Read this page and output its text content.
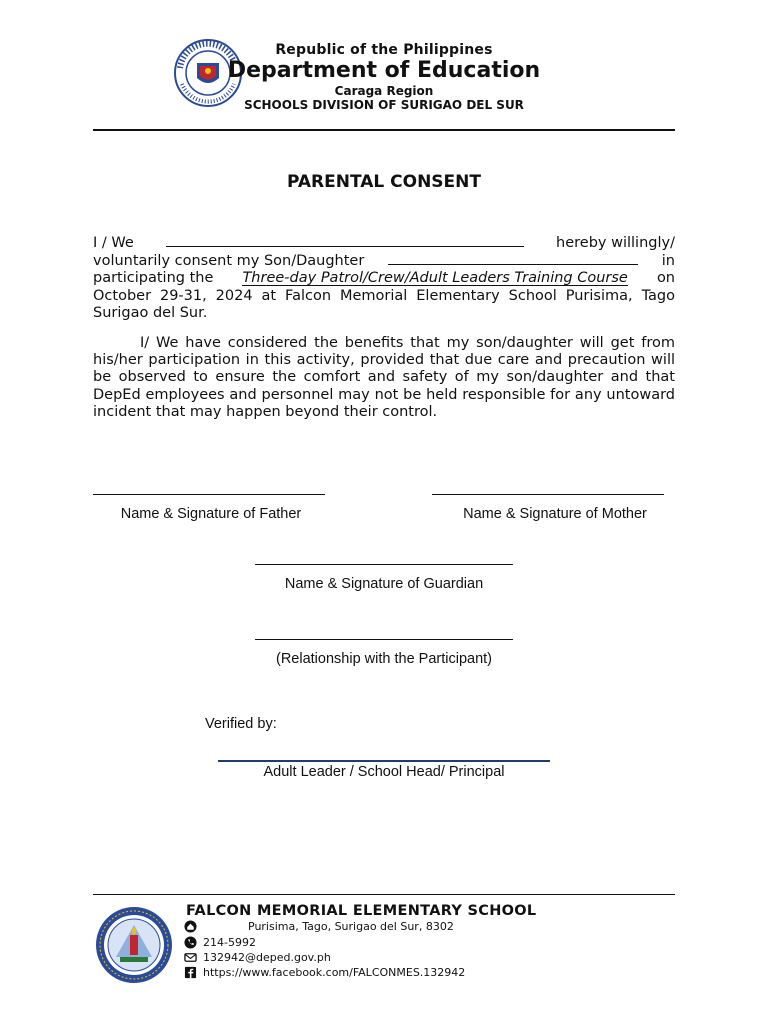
Republic of the Philippines
Department of Education
Caraga Region
SCHOOLS DIVISION OF SURIGAO DEL SUR
PARENTAL CONSENT
I / We	hereby willingly/
voluntarily consent my Son/Daughter	in
participating the Three-day Patrol/Crew/Adult Leaders Training Course on
October 29-31, 2024 at Falcon Memorial Elementary School Purisima, Tago Surigao del Sur.
I/ We have considered the benefits that my son/daughter will get from his/her participation in this activity, provided that due care and precaution will be observed to ensure the comfort and safety of my son/daughter and that DepEd employees and personnel may not be held responsible for any untoward incident that may happen beyond their control.
Name & Signature of Father	Name & Signature of Mother
Name & Signature of Guardian
(Relationship with the Participant)
Verified by:
Adult Leader / School Head/ Principal
FALCON MEMORIAL ELEMENTARY SCHOOL
Purisima, Tago, Surigao del Sur, 8302
214-5992
132942@deped.gov.ph
https://www.facebook.com/FALCONMES.132942
